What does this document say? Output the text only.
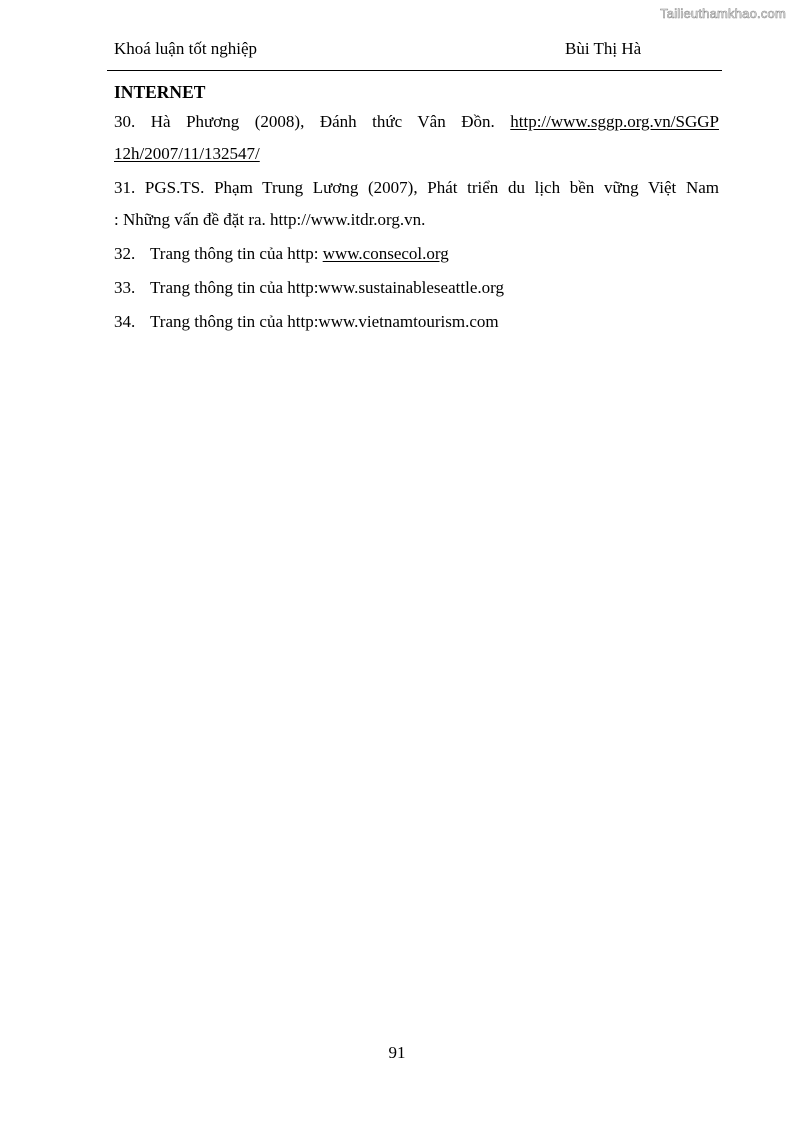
Tailieuthamkhao.com
Khoá luận tốt nghiệp	Bùi Thị Hà
INTERNET
30. Hà Phương (2008), Đánh thức Vân Đồn. http://www.sggp.org.vn/SGGP
12h/2007/11/132547/
31. PGS.TS. Phạm Trung Lương (2007), Phát triển du lịch bền vững Việt Nam
: Những vấn đề đặt ra. http://www.itdr.org.vn.
32. Trang thông tin của http: www.consecol.org
33. Trang thông tin của http:www.sustainableseattle.org
34. Trang thông tin của http:www.vietnamtourism.com
91
